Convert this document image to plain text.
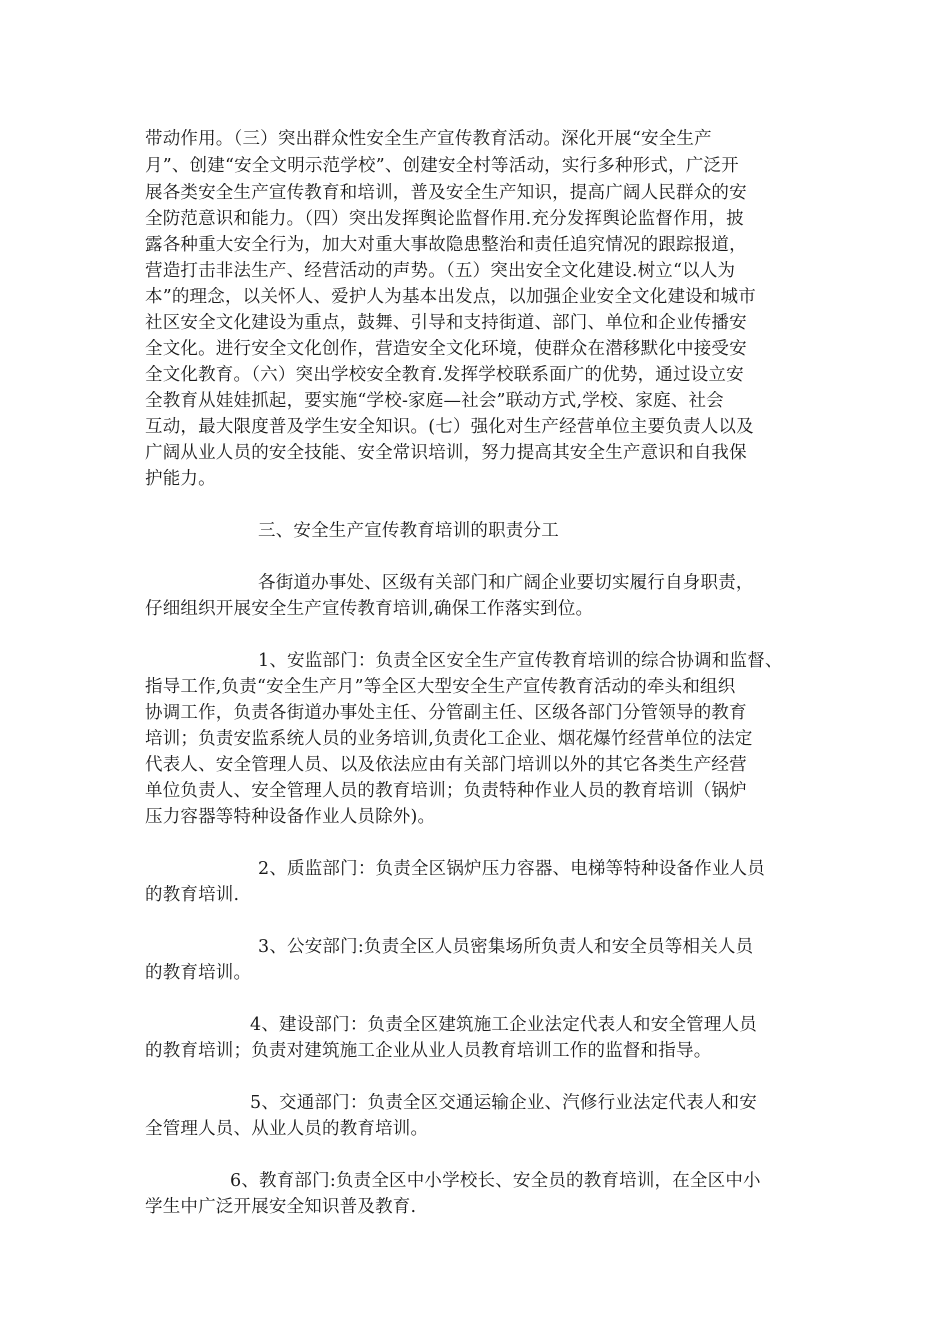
带动作用。（三）突出群众性安全生产宣传教育活动。深化开展“安全生产
月”、创建“安全文明示范学校”、创建安全村等活动，实行多种形式，广泛开
展各类安全生产宣传教育和培训，普及安全生产知识，提高广阔人民群众的安
全防范意识和能力。（四）突出发挥舆论监督作用.充分发挥舆论监督作用，披
露各种重大安全行为，加大对重大事故隐患整治和责任追究情况的跟踪报道，
营造打击非法生产、经营活动的声势。（五）突出安全文化建设.树立“以人为
本”的理念，以关怀人、爱护人为基本出发点，以加强企业安全文化建设和城市
社区安全文化建设为重点，鼓舞、引导和支持街道、部门、单位和企业传播安
全文化。进行安全文化创作，营造安全文化环境，使群众在潜移默化中接受安
全文化教育。（六）突出学校安全教育.发挥学校联系面广的优势，通过设立安
全教育从娃娃抓起，要实施“学校-家庭—社会”联动方式,学校、家庭、社会
互动，最大限度普及学生安全知识。(七）强化对生产经营单位主要负责人以及
广阔从业人员的安全技能、安全常识培训，努力提高其安全生产意识和自我保
护能力。
三、安全生产宣传教育培训的职责分工
各街道办事处、区级有关部门和广阔企业要切实履行自身职责，
仔细组织开展安全生产宣传教育培训,确保工作落实到位。
1、安监部门：负责全区安全生产宣传教育培训的综合协调和监督、
指导工作,负责“安全生产月”等全区大型安全生产宣传教育活动的牵头和组织
协调工作，负责各街道办事处主任、分管副主任、区级各部门分管领导的教育
培训；负责安监系统人员的业务培训,负责化工企业、烟花爆竹经营单位的法定
代表人、安全管理人员、以及依法应由有关部门培训以外的其它各类生产经营
单位负责人、安全管理人员的教育培训；负责特种作业人员的教育培训（锅炉
压力容器等特种设备作业人员除外)。
2、质监部门：负责全区锅炉压力容器、电梯等特种设备作业人员
的教育培训.
3、公安部门:负责全区人员密集场所负责人和安全员等相关人员
的教育培训。
4、建设部门：负责全区建筑施工企业法定代表人和安全管理人员
的教育培训；负责对建筑施工企业从业人员教育培训工作的监督和指导。
5、交通部门：负责全区交通运输企业、汽修行业法定代表人和安
全管理人员、从业人员的教育培训。
6、教育部门:负责全区中小学校长、安全员的教育培训，在全区中小
学生中广泛开展安全知识普及教育.
